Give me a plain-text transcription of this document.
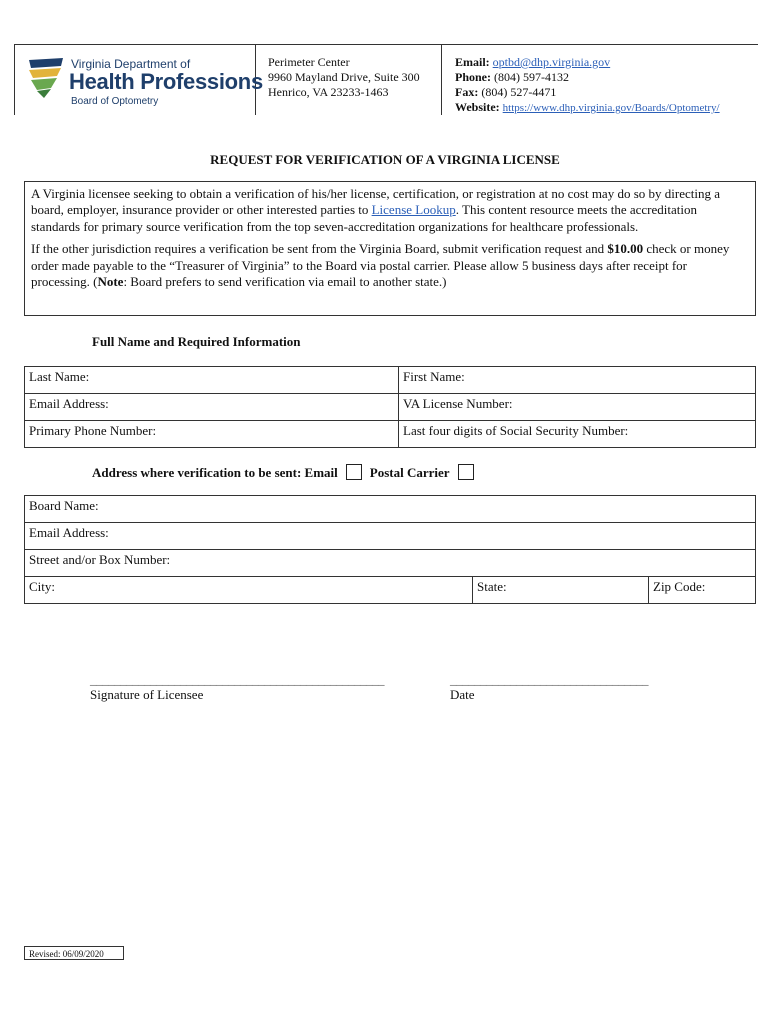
Virginia Department of
Health Professions
Board of Optometry
Perimeter Center
9960 Mayland Drive, Suite 300
Henrico, VA 23233-1463
Email: optbd@dhp.virginia.gov
Phone: (804) 597-4132
Fax: (804) 527-4471
Website: https://www.dhp.virginia.gov/Boards/Optometry/
REQUEST FOR VERIFICATION OF A VIRGINIA LICENSE

A Virginia licensee seeking to obtain a verification of his/her license, certification, or registration at no cost may do so by directing a board, employer, insurance provider or other interested parties to License Lookup. This content resource meets the accreditation standards for primary source verification from the top seven-accreditation organizations for healthcare professionals.

If the other jurisdiction requires a verification be sent from the Virginia Board, submit verification request and $10.00 check or money order made payable to the “Treasurer of Virginia” to the Board via postal carrier. Please allow 5 business days after receipt for processing. (Note: Board prefers to send verification via email to another state.)

Full Name and Required Information
Last Name:	First Name:
Email Address:	VA License Number:
Primary Phone Number:	Last four digits of Social Security Number:
Address where verification to be sent: Email Postal Carrier
Board Name:
Email Address:
Street and/or Box Number:
City:	State:	Zip Code:
_________________________________________________	_________________________________
Signature of Licensee	Date
Revised: 06/09/2020
